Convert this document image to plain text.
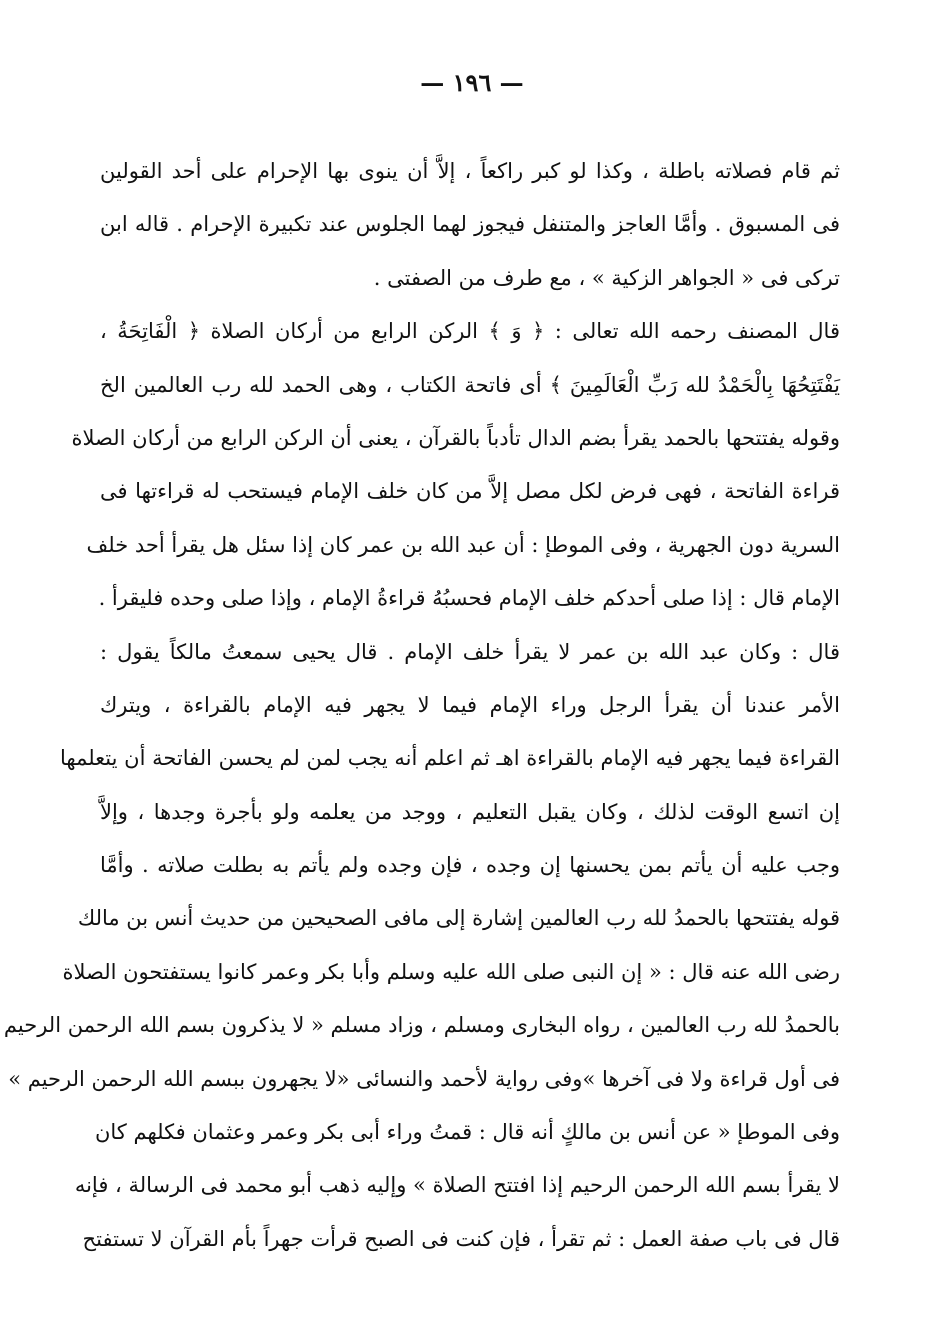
— ١٩٦ —
ثم قام فصلاته باطلة ، وكذا لو كبر راكعاً ، إلاَّ أن ينوى بها الإحرام على أحد القولين
فى المسبوق . وأمَّا العاجز والمتنفل فيجوز لهما الجلوس عند تكبيرة الإحرام . قاله ابن
تركى فى « الجواهر الزكية » ، مع طرف من الصفتى .
قال المصنف رحمه الله تعالى : ﴿ وَ ﴾ الركن الرابع من أركان الصلاة ﴿ الْفَاتِحَةُ ،
يَفْتَتِحُهَا بِالْحَمْدُ لله رَبِّ الْعَالَمِينَ ﴾ أى فاتحة الكتاب ، وهى الحمد لله رب العالمين الخ
وقوله يفتتحها بالحمد يقرأ بضم الدال تأدباً بالقرآن ، يعنى أن الركن الرابع من أركان الصلاة
قراءة الفاتحة ، فهى فرض لكل مصل إلاَّ من كان خلف الإمام فيستحب له قراءتها فى
السرية دون الجهرية ، وفى الموطإ : أن عبد الله بن عمر كان إذا سئل هل يقرأ أحد خلف
الإمام قال : إذا صلى أحدكم خلف الإمام فحسبُهُ قراءةُ الإمام ، وإذا صلى وحده فليقرأ .
قال : وكان عبد الله بن عمر لا يقرأ خلف الإمام . قال يحيى سمعتُ مالكاً يقول :
الأمر عندنا أن يقرأ الرجل وراء الإمام فيما لا يجهر فيه الإمام بالقراءة ، ويترك
القراءة فيما يجهر فيه الإمام بالقراءة اهـ ثم اعلم أنه يجب لمن لم يحسن الفاتحة أن يتعلمها
إن اتسع الوقت لذلك ، وكان يقبل التعليم ، ووجد من يعلمه ولو بأجرة وجدها ، وإلاَّ
وجب عليه أن يأتم بمن يحسنها إن وجده ، فإن وجده ولم يأتم به بطلت صلاته . وأمَّا
قوله يفتتحها بالحمدُ لله رب العالمين إشارة إلى مافى الصحيحين من حديث أنس بن مالك
رضى الله عنه قال : « إن النبى صلى الله عليه وسلم وأبا بكر وعمر كانوا يستفتحون الصلاة
بالحمدُ لله رب العالمين ، رواه البخارى ومسلم ، وزاد مسلم « لا يذكرون بسم الله الرحمن الرحيم
فى أول قراءة ولا فى آخرها »وفى رواية لأحمد والنسائى «لا يجهرون ببسم الله الرحمن الرحيم »
وفى الموطإ « عن أنس بن مالكٍ أنه قال : قمتُ وراء أبى بكر وعمر وعثمان فكلهم كان
لا يقرأ بسم الله الرحمن الرحيم إذا افتتح الصلاة » وإليه ذهب أبو محمد فى الرسالة ، فإنه
قال فى باب صفة العمل : ثم تقرأ ، فإن كنت فى الصبح قرأت جهراً بأم القرآن لا تستفتح
